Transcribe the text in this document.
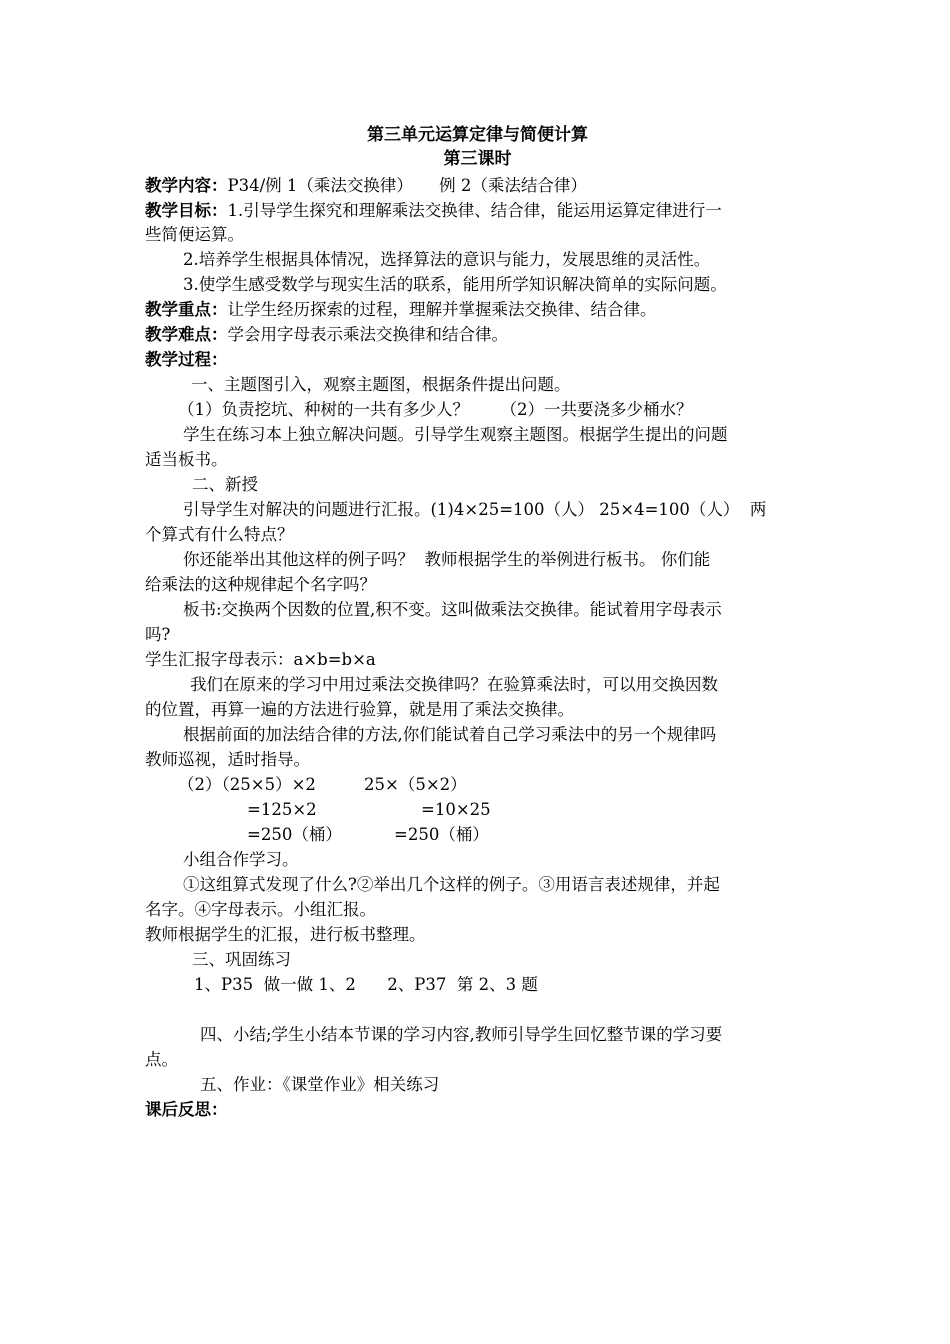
第三单元运算定律与简便计算
第三课时
教学内容：P34/例 1（乘法交换律）     例 2（乘法结合律）
教学目标：1.引导学生探究和理解乘法交换律、结合律，能运用运算定律进行一
些简便运算。
2.培养学生根据具体情况，选择算法的意识与能力，发展思维的灵活性。
3.使学生感受数学与现实生活的联系，能用所学知识解决简单的实际问题。
教学重点：让学生经历探索的过程，理解并掌握乘法交换律、结合律。
教学难点：学会用字母表示乘法交换律和结合律。
教学过程：
一、主题图引入，观察主题图，根据条件提出问题。
（1）负责挖坑、种树的一共有多少人？      （2）一共要浇多少桶水？
学生在练习本上独立解决问题。引导学生观察主题图。根据学生提出的问题
适当板书。
二、新授
引导学生对解决的问题进行汇报。(1)4×25=100（人） 25×4=100（人）  两
个算式有什么特点？
你还能举出其他这样的例子吗？  教师根据学生的举例进行板书。 你们能
给乘法的这种规律起个名字吗？
板书:交换两个因数的位置,积不变。这叫做乘法交换律。能试着用字母表示
吗?
学生汇报字母表示：a×b=b×a
我们在原来的学习中用过乘法交换律吗？在验算乘法时，可以用交换因数
的位置，再算一遍的方法进行验算，就是用了乘法交换律。
根据前面的加法结合律的方法,你们能试着自己学习乘法中的另一个规律吗
教师巡视，适时指导。
（2）（25×5）×2	25×（5×2）
=125×2	=10×25
=250（桶）	=250（桶）
小组合作学习。
①这组算式发现了什么?②举出几个这样的例子。③用语言表述规律，并起
名字。④字母表示。小组汇报。
教师根据学生的汇报，进行板书整理。
三、巩固练习
1、P35  做一做 1、2      2、P37  第 2、3 题
四、小结;学生小结本节课的学习内容,教师引导学生回忆整节课的学习要
点。
五、作业：《课堂作业》相关练习
课后反思：
